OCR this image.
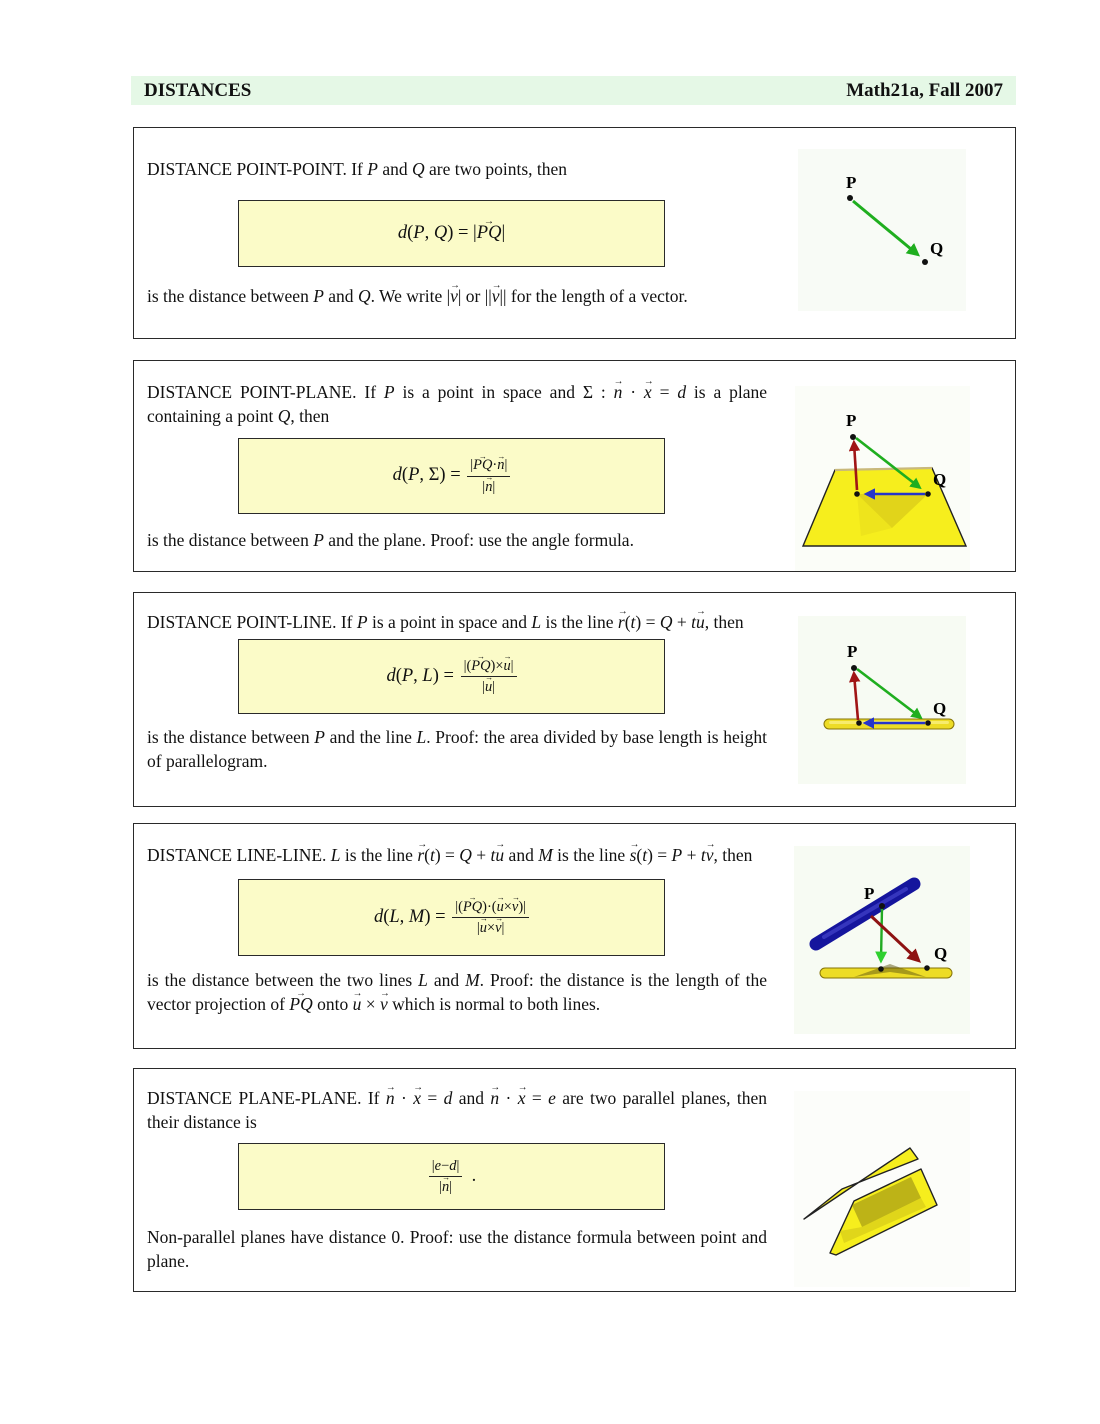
DISTANCES	Math21a, Fall 2007

DISTANCE POINT-POINT. If P and Q are two points, then

d(P, Q) = |PQ →|

is the distance between P and Q. We write |v →| or ||v →|| for the length of a vector.

P
Q

DISTANCE POINT-PLANE. If P is a point in space and Σ : n → · x → = d is a plane containing a point Q, then

d(P, $\Sigma) = \frac{|PQ \to\cdot n \to|}{|n \to|}$

is the distance between P and the plane. Proof: use the angle formula.

P
Q

DISTANCE POINT-LINE. If P is a point in space and L is the line r →(t) = Q + tu →, then

d(P, $L) = \frac{|(PQ \to)\times u \to|}{|u \to|}$

is the distance between P and the line L. Proof: the area divided by base length is height of parallelogram.

P
Q

DISTANCE LINE-LINE. L is the line r →(t) = Q + tu → and M is the line s →(t) = P + tv →, then

d(L, $M) = \frac{|(PQ \to)\cdot(u \to\times v \to)|}{|u \to\times v \to|}$

is the distance between the two lines L and M. Proof: the distance is the length of the vector projection of PQ → onto u → × v → which is normal to both lines.

P
Q

DISTANCE PLANE-PLANE. If n → · x → = d and n → · x → = e are two parallel planes, then their distance is

$\frac{|e-d|}{|n \to|}$ .

Non-parallel planes have distance 0. Proof: use the distance formula between point and plane.
